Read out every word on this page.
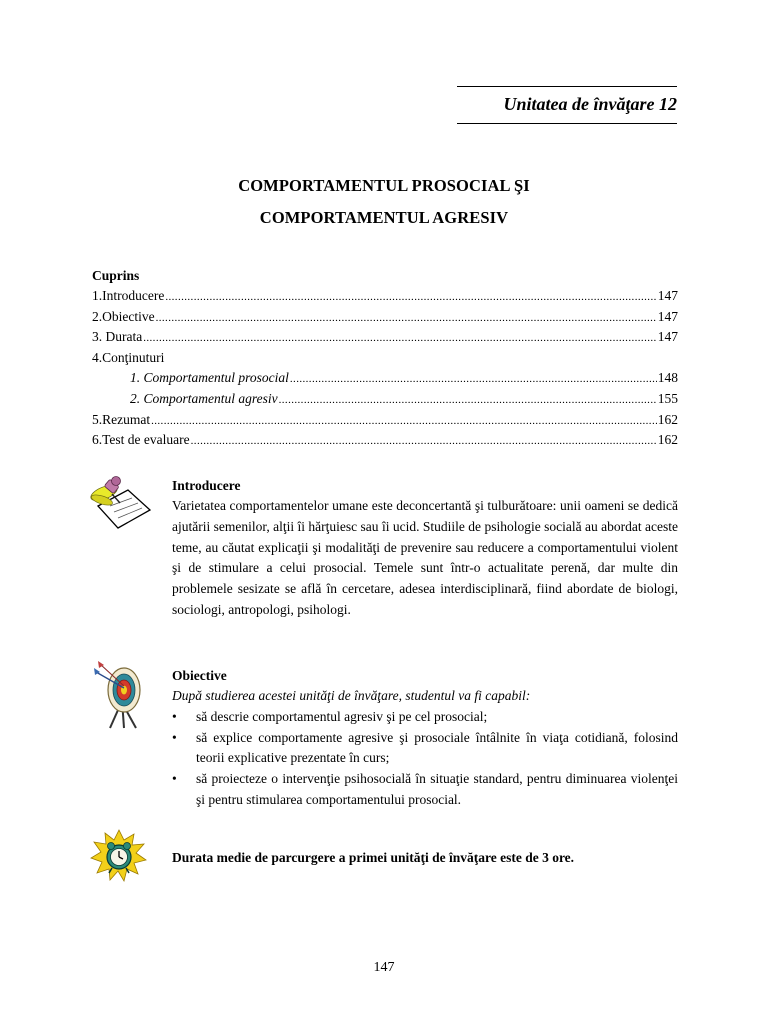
Unitatea de învăţare 12
COMPORTAMENTUL PROSOCIAL ŞI
COMPORTAMENTUL AGRESIV
Cuprins
1.Introducere .....	147
2.Obiective .....	147
3. Durata .....	147
4.Conţinuturi
1. Comportamentul prosocial .....	148
2. Comportamentul agresiv .....	155
5.Rezumat .....	162
6.Test de evaluare .....	162
Introducere

Varietatea comportamentelor umane este deconcertantă şi tulburătoare: unii oameni se dedică ajutării semenilor, alţii îi hărţuiesc sau îi ucid. Studiile de psihologie socială au abordat aceste teme, au căutat explicaţii şi modalităţi de prevenire sau reducere a comportamentului violent şi de stimulare a celui prosocial. Temele sunt într-o actualitate perenă, dar multe din problemele sesizate se află în cercetare, adesea interdisciplinară, fiind abordate de biologi, sociologi, antropologi, psihologi.

Obiective

După studierea acestei unităţi de învăţare, studentul va fi capabil:

• să descrie comportamentul agresiv şi pe cel prosocial;
• să explice comportamente agresive şi prosociale întâlnite în viaţa cotidiană, folosind teorii explicative prezentate în curs;
• să proiecteze o intervenţie psihosocială în situaţie standard, pentru diminuarea violenţei şi pentru stimularea comportamentului prosocial.

Durata medie de parcurgere a primei unităţi de învăţare este de 3 ore.

147
